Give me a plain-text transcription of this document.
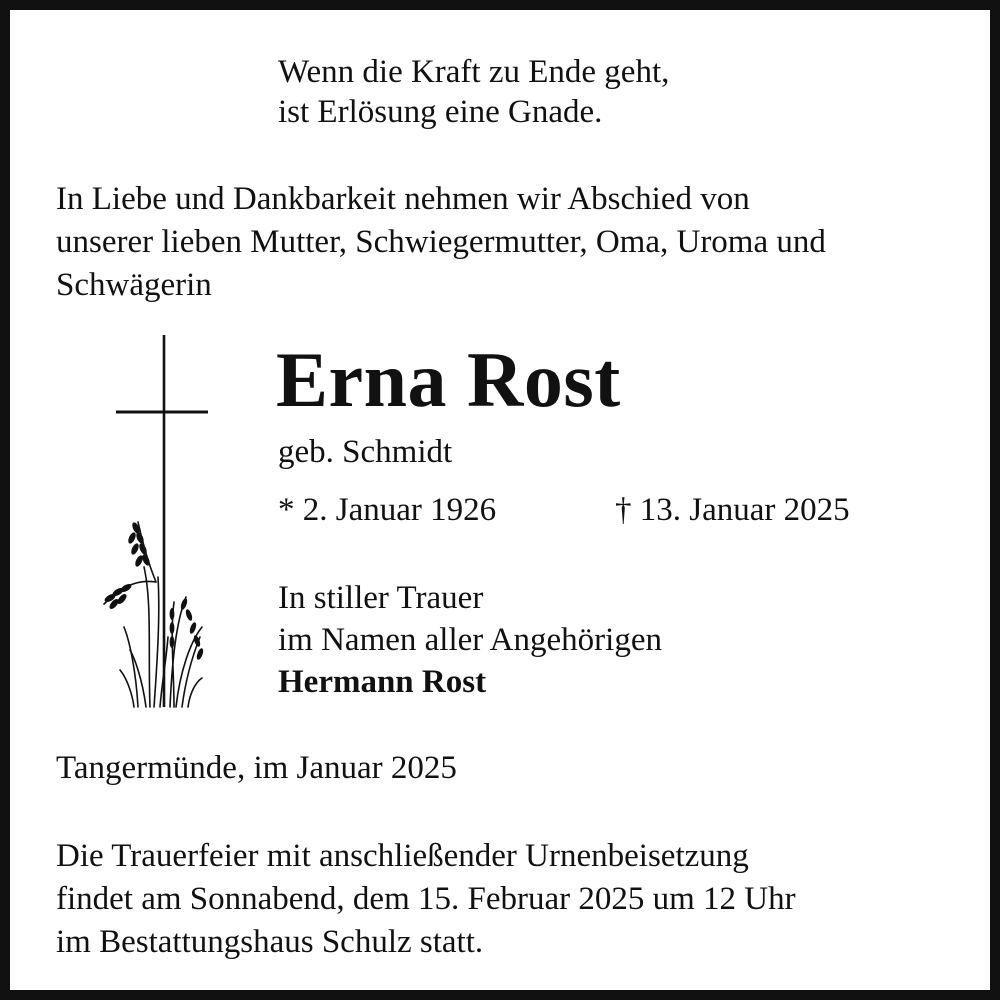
Wenn die Kraft zu Ende geht,
ist Erlösung eine Gnade.

In Liebe und Dankbarkeit nehmen wir Abschied von

unserer lieben Mutter, Schwiegermutter, Oma, Uroma und

Schwägerin

Erna Rost
geb. Schmidt
* 2. Januar 1926	† 13. Januar 2025
In stiller Trauer
im Namen aller Angehörigen
Hermann Rost
Tangermünde, im Januar 2025

Die Trauerfeier mit anschließender Urnenbeisetzung

findet am Sonnabend, dem 15. Februar 2025 um 12 Uhr

im Bestattungshaus Schulz statt.
